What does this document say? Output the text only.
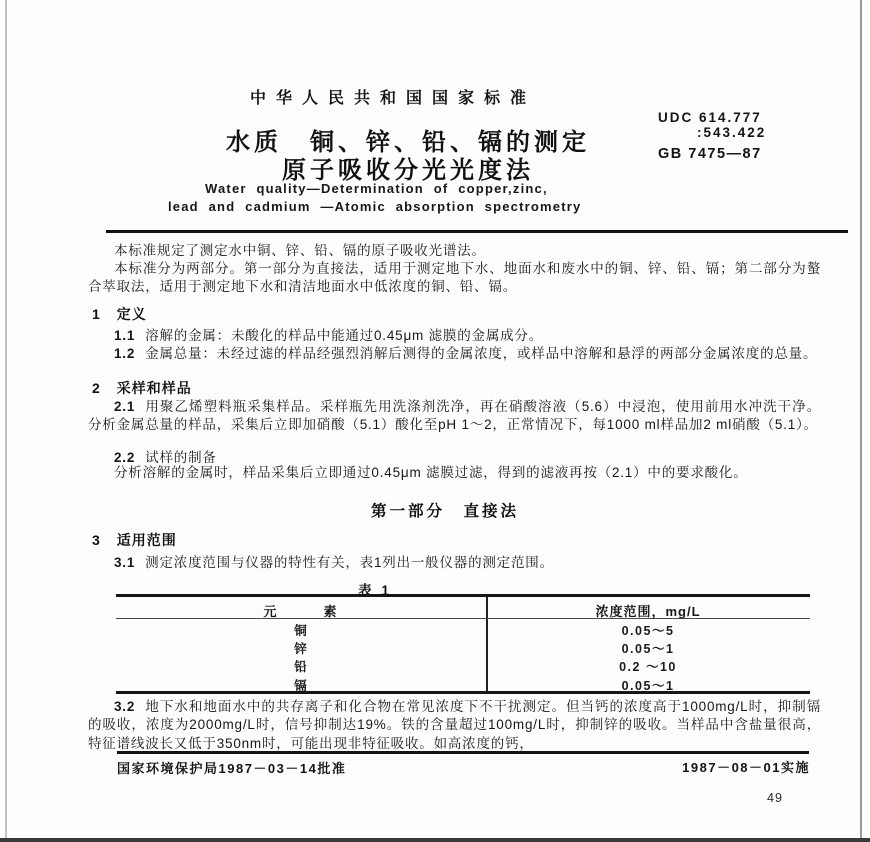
中华人民共和国国家标准
水质　铜、锌、铅、镉的测定
原子吸收分光光度法
UDC 614.777
:543.422
GB 7475—87
Water quality—Determination of copper,zinc,
lead and cadmium —Atomic absorption spectrometry
本标准规定了测定水中铜、锌、铅、镉的原子吸收光谱法。
本标准分为两部分。第一部分为直接法，适用于测定地下水、地面水和废水中的铜、锌、铅、镉；第二部分为螯合萃取法，适用于测定地下水和清洁地面水中低浓度的铜、铅、镉。
1 定义
1.1 溶解的金属：未酸化的样品中能通过0.45μm 滤膜的金属成分。
1.2 金属总量：未经过滤的样品经强烈消解后测得的金属浓度，或样品中溶解和悬浮的两部分金属浓度的总量。
2 采样和样品
2.1 用聚乙烯塑料瓶采集样品。采样瓶先用洗涤剂洗净，再在硝酸溶液（5.6）中浸泡，使用前用水冲洗干净。分析金属总量的样品，采集后立即加硝酸（5.1）酸化至pH 1～2，正常情况下，每1000 ml样品加2 ml硝酸（5.1）。
2.2 试样的制备
分析溶解的金属时，样品采集后立即通过0.45μm 滤膜过滤，得到的滤液再按（2.1）中的要求酸化。
第一部分　直接法
3 适用范围
3.1 测定浓度范围与仪器的特性有关，表1列出一般仪器的测定范围。
表 1
元　　　素	浓度范围，mg/L
铜	0.05～5
锌	0.05～1
铅	0.2 ～10
镉	0.05～1
3.2 地下水和地面水中的共存离子和化合物在常见浓度下不干扰测定。但当钙的浓度高于1000mg/L时，抑制镉的吸收，浓度为2000mg/L时，信号抑制达19%。铁的含量超过100mg/L时，抑制锌的吸收。当样品中含盐量很高，特征谱线波长又低于350nm时，可能出现非特征吸收。如高浓度的钙，
国家环境保护局1987－03－14批准	1987－08－01实施
49
